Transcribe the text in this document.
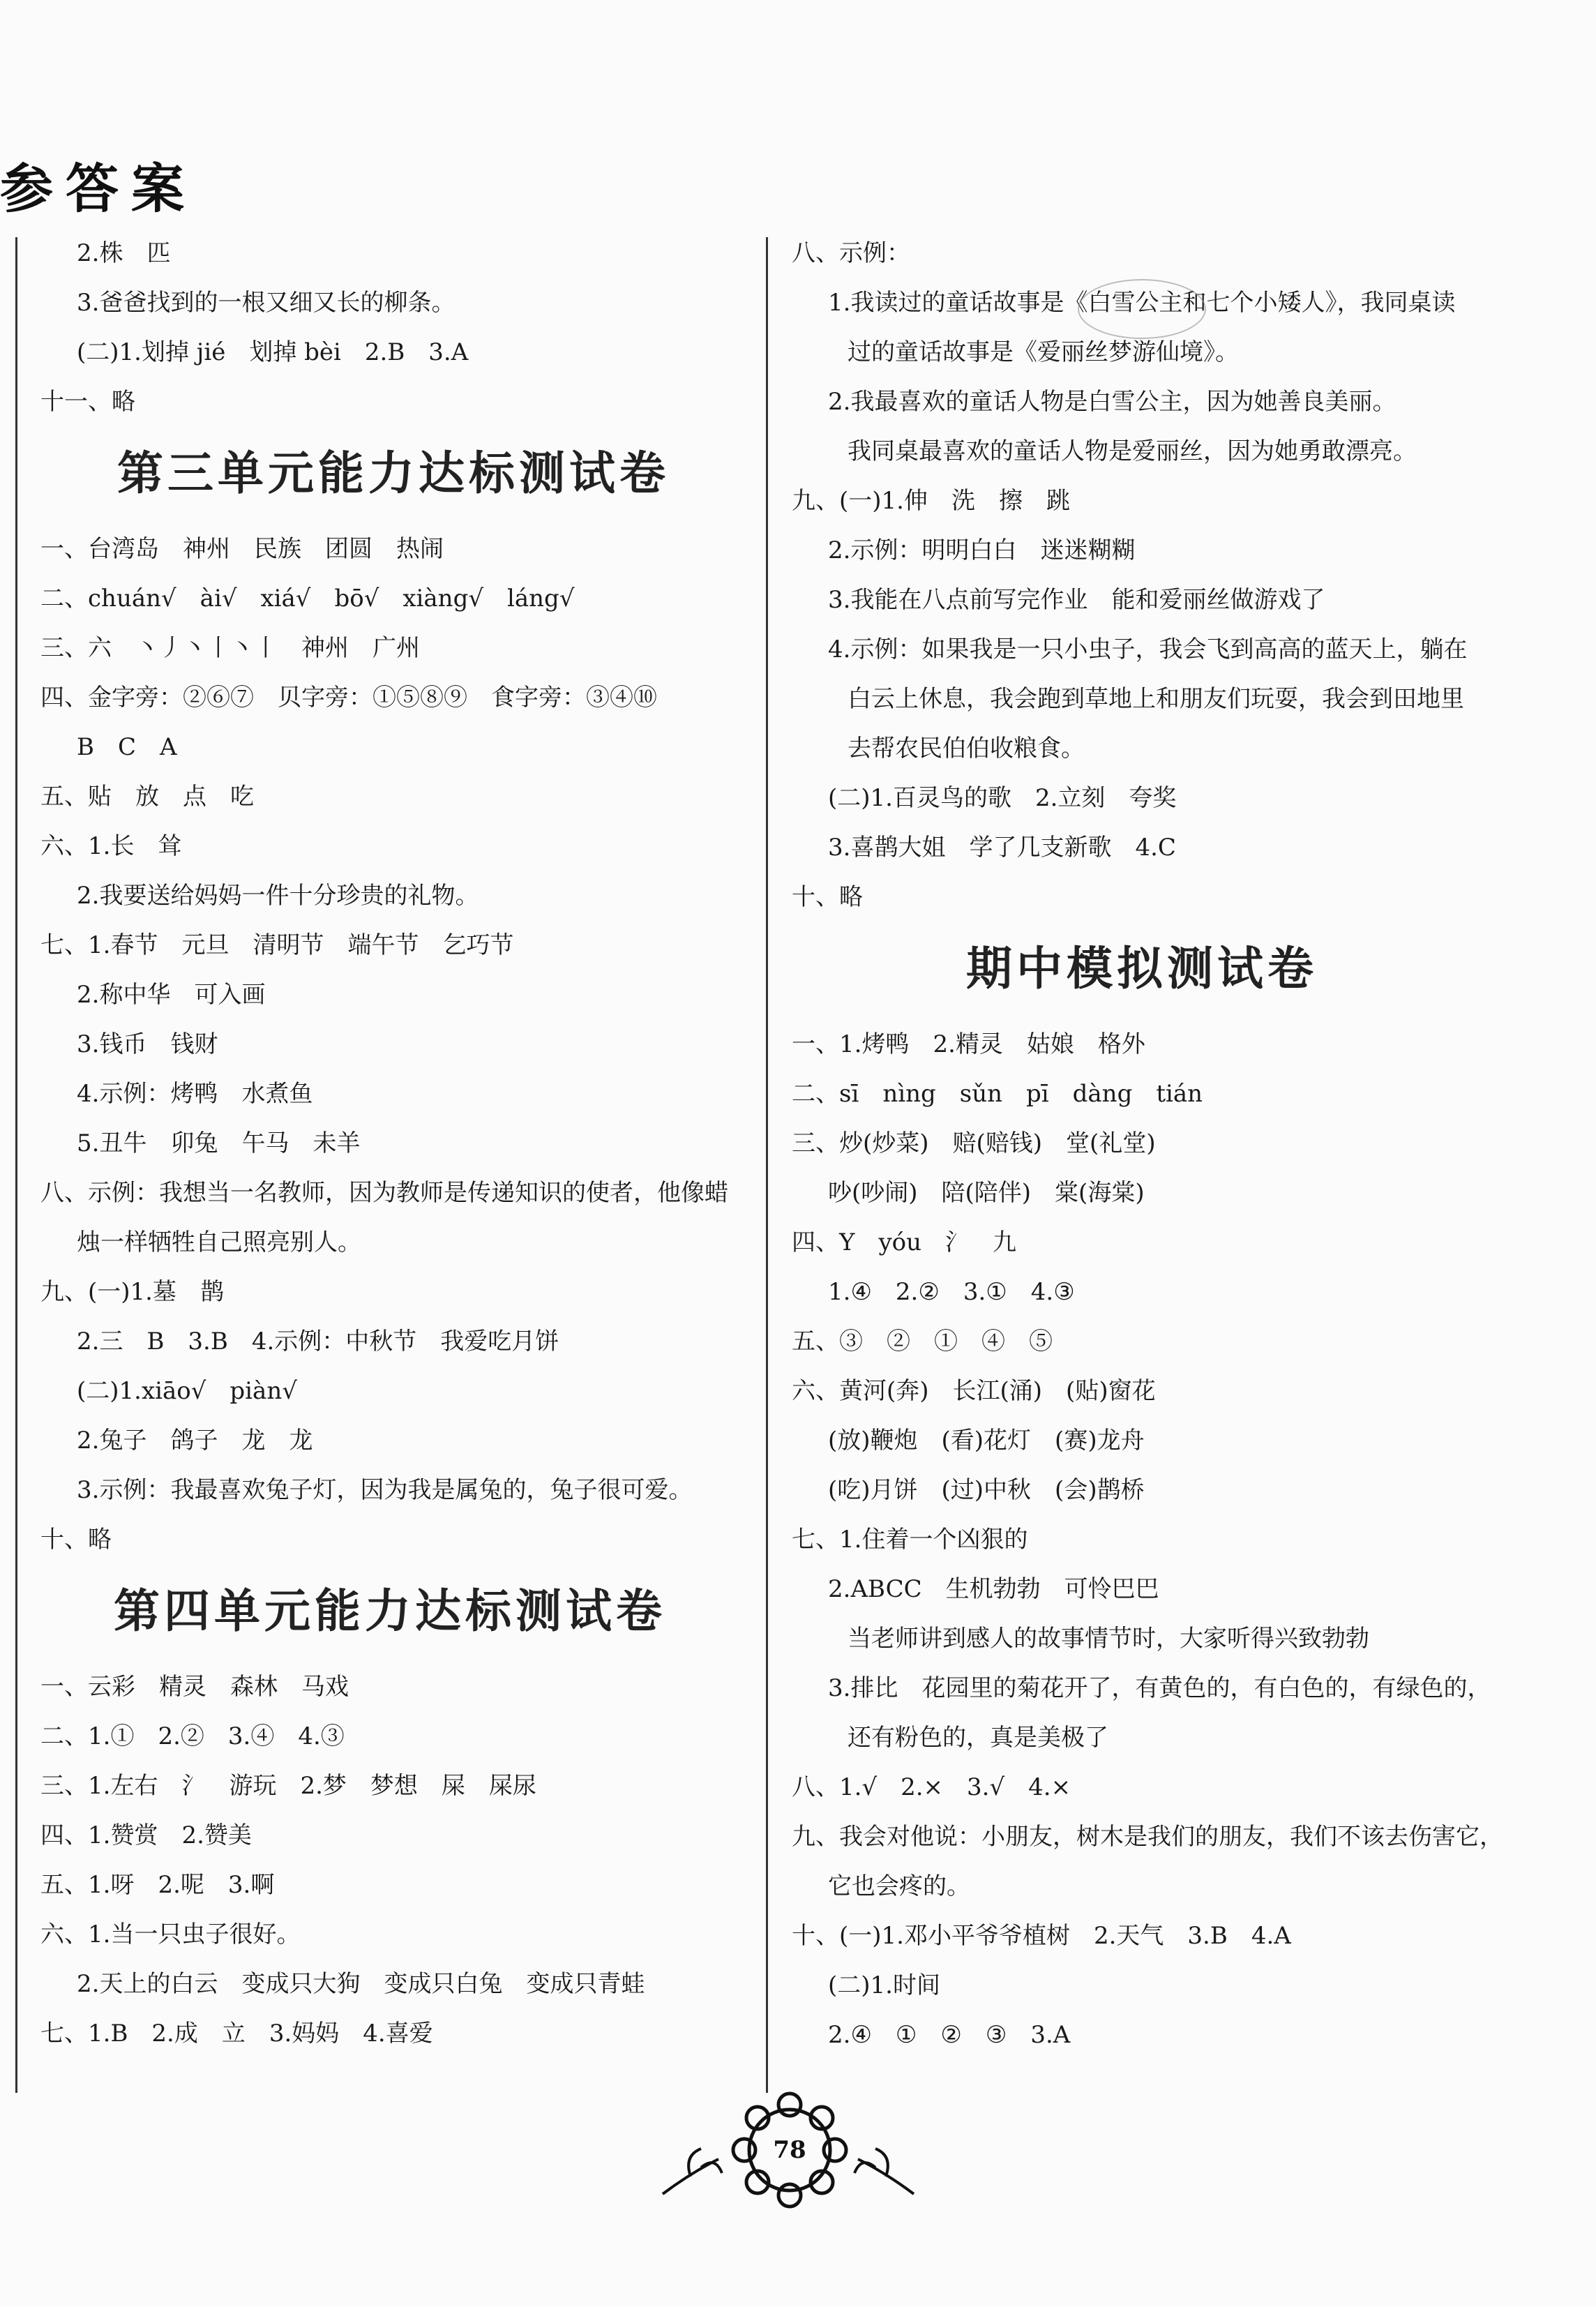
参答案
2.株　匹
3.爸爸找到的一根又细又长的柳条。
(二)1.划掉 jié　划掉 bèi　2.B　3.A
十一、略
第三单元能力达标测试卷
一、台湾岛　神州　民族　团圆　热闹
二、chuán√　ài√　xiá√　bō√　xiàng√　láng√
三、六　丶丿丶丨丶丨　神州　广州
四、金字旁：②⑥⑦　贝字旁：①⑤⑧⑨　食字旁：③④⑩
B　C　A
五、贴　放　点　吃
六、1.长　耸
2.我要送给妈妈一件十分珍贵的礼物。
七、1.春节　元旦　清明节　端午节　乞巧节
2.称中华　可入画
3.钱币　钱财
4.示例：烤鸭　水煮鱼
5.丑牛　卯兔　午马　未羊
八、示例：我想当一名教师，因为教师是传递知识的使者，他像蜡
烛一样牺牲自己照亮别人。
九、(一)1.墓　鹊
2.三　B　3.B　4.示例：中秋节　我爱吃月饼
(二)1.xiāo√　piàn√
2.兔子　鸽子　龙　龙
3.示例：我最喜欢兔子灯，因为我是属兔的，兔子很可爱。
十、略
第四单元能力达标测试卷
一、云彩　精灵　森林　马戏
二、1.①　2.②　3.④　4.③
三、1.左右　氵　游玩　2.梦　梦想　屎　屎尿
四、1.赞赏　2.赞美
五、1.呀　2.呢　3.啊
六、1.当一只虫子很好。
2.天上的白云　变成只大狗　变成只白兔　变成只青蛙
七、1.B　2.成　立　3.妈妈　4.喜爱
八、示例：
1.我读过的童话故事是《白雪公主和七个小矮人》，我同桌读
过的童话故事是《爱丽丝梦游仙境》。
2.我最喜欢的童话人物是白雪公主，因为她善良美丽。
我同桌最喜欢的童话人物是爱丽丝，因为她勇敢漂亮。
九、(一)1.伸　洗　擦　跳
2.示例：明明白白　迷迷糊糊
3.我能在八点前写完作业　能和爱丽丝做游戏了
4.示例：如果我是一只小虫子，我会飞到高高的蓝天上，躺在
白云上休息，我会跑到草地上和朋友们玩耍，我会到田地里
去帮农民伯伯收粮食。
(二)1.百灵鸟的歌　2.立刻　夸奖
3.喜鹊大姐　学了几支新歌　4.C
十、略
期中模拟测试卷
一、1.烤鸭　2.精灵　姑娘　格外
二、sī　nìng　sǔn　pī　dàng　tián
三、炒(炒菜)　赔(赔钱)　堂(礼堂)
吵(吵闹)　陪(陪伴)　棠(海棠)
四、Y　yóu　氵　九
1.④　2.②　3.①　4.③
五、③　②　①　④　⑤
六、黄河(奔)　长江(涌)　(贴)窗花
(放)鞭炮　(看)花灯　(赛)龙舟
(吃)月饼　(过)中秋　(会)鹊桥
七、1.住着一个凶狠的
2.ABCC　生机勃勃　可怜巴巴
当老师讲到感人的故事情节时，大家听得兴致勃勃
3.排比　花园里的菊花开了，有黄色的，有白色的，有绿色的，
还有粉色的，真是美极了
八、1.√　2.×　3.√　4.×
九、我会对他说：小朋友，树木是我们的朋友，我们不该去伤害它，
它也会疼的。
十、(一)1.邓小平爷爷植树　2.天气　3.B　4.A
(二)1.时间
2.④　①　②　③　3.A
78
